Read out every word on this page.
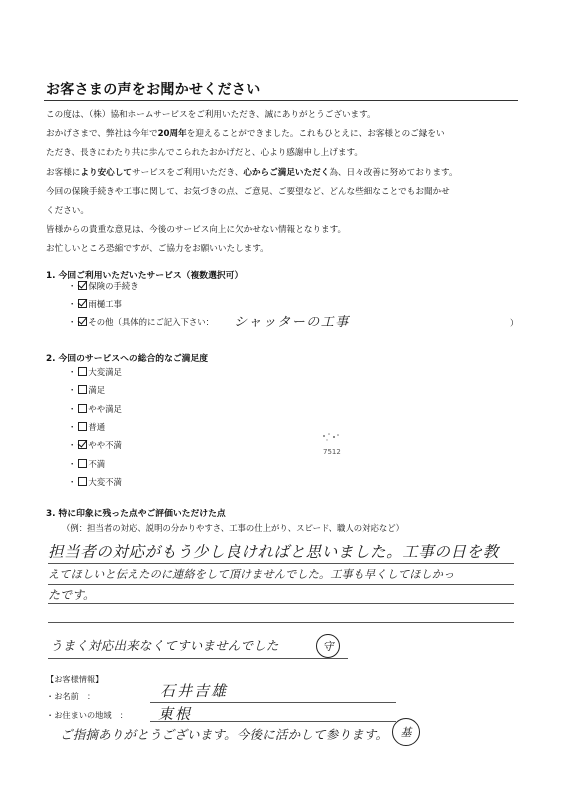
お客さまの声をお聞かせください
この度は、（株）協和ホームサービスをご利用いただき、誠にありがとうございます。
おかげさまで、弊社は今年で20周年を迎えることができました。これもひとえに、お客様とのご縁をい
ただき、長きにわたり共に歩んでこられたおかげだと、心より感謝申し上げます。
お客様により安心してサービスをご利用いただき、心からご満足いただく為、日々改善に努めております。
今回の保険手続きや工事に関して、お気づきの点、ご意見、ご要望など、どんな些細なことでもお聞かせ
ください。
皆様からの貴重な意見は、今後のサービス向上に欠かせない情報となります。
お忙しいところ恐縮ですが、ご協力をお願いいたします。
1. 今回ご利用いただいたサービス（複数選択可）
・ 保険の手続き
・ 雨樋工事
・ その他（具体的にご記入下さい： シャッターの工事	）
2. 今回のサービスへの総合的なご満足度
・ 大変満足
・ 満足
・ やや満足
・ 普通
・ やや不満
・ 不満
・ 大変不満
7512
3. 特に印象に残った点やご評価いただけた点
（例：担当者の対応、説明の分かりやすさ、工事の仕上がり、スピード、職人の対応など）
担当者の対応がもう少し良ければと思いました。工事の日を教
えてほしいと伝えたのに連絡をして頂けませんでした。工事も早くしてほしかっ
たです。
うまく対応出来なくてすいませんでした	守
【お客様情報】
・お名前　：	石井吉雄
・お住まいの地域　： 東根
ご指摘ありがとうございます。今後に活かして参ります。 基
